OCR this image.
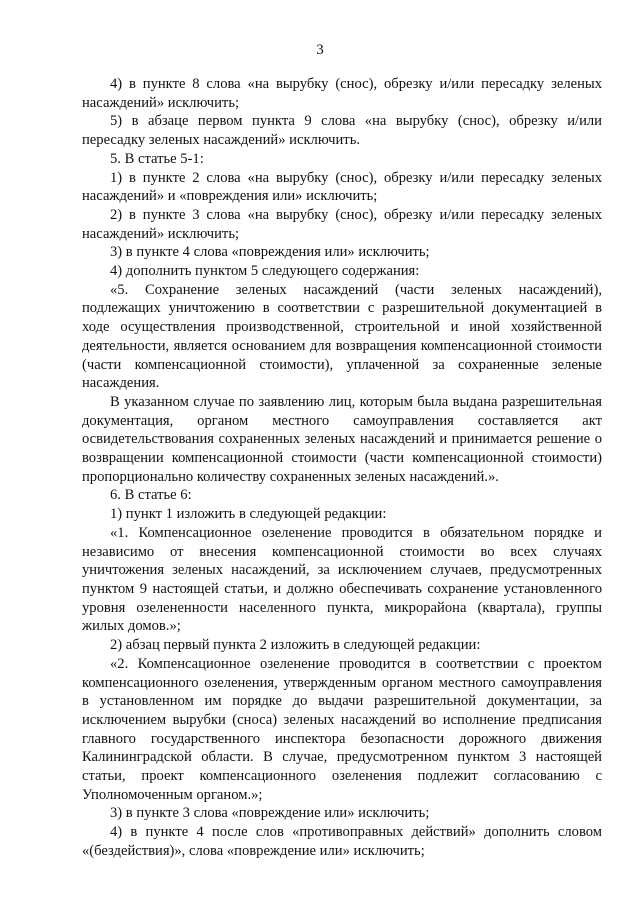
3

4) в пункте 8 слова «на вырубку (снос), обрезку и/или пересадку зеленых насаждений» исключить;

5) в абзаце первом пункта 9 слова «на вырубку (снос), обрезку и/или пересадку зеленых насаждений» исключить.

5. В статье 5-1:

1) в пункте 2 слова «на вырубку (снос), обрезку и/или пересадку зеленых насаждений» и «повреждения или» исключить;

2) в пункте 3 слова «на вырубку (снос), обрезку и/или пересадку зеленых насаждений» исключить;

3) в пункте 4 слова «повреждения или» исключить;

4) дополнить пунктом 5 следующего содержания:

«5. Сохранение зеленых насаждений (части зеленых насаждений), подлежащих уничтожению в соответствии с разрешительной документацией в ходе осуществления производственной, строительной и иной хозяйственной деятельности, является основанием для возвращения компенсационной стоимости (части компенсационной стоимости), уплаченной за сохраненные зеленые насаждения.

В указанном случае по заявлению лиц, которым была выдана разрешительная документация, органом местного самоуправления составляется акт освидетельствования сохраненных зеленых насаждений и принимается решение о возвращении компенсационной стоимости (части компенсационной стоимости) пропорционально количеству сохраненных зеленых насаждений.».

6. В статье 6:

1) пункт 1 изложить в следующей редакции:

«1. Компенсационное озеленение проводится в обязательном порядке и независимо от внесения компенсационной стоимости во всех случаях уничтожения зеленых насаждений, за исключением случаев, предусмотренных пунктом 9 настоящей статьи, и должно обеспечивать сохранение установленного уровня озелененности населенного пункта, микрорайона (квартала), группы жилых домов.»;

2) абзац первый пункта 2 изложить в следующей редакции:

«2. Компенсационное озеленение проводится в соответствии с проектом компенсационного озеленения, утвержденным органом местного самоуправления в установленном им порядке до выдачи разрешительной документации, за исключением вырубки (сноса) зеленых насаждений во исполнение предписания главного государственного инспектора безопасности дорожного движения Калининградской области. В случае, предусмотренном пунктом 3 настоящей статьи, проект компенсационного озеленения подлежит согласованию с Уполномоченным органом.»;

3) в пункте 3 слова «повреждение или» исключить;

4) в пункте 4 после слов «противоправных действий» дополнить словом «(бездействия)», слова «повреждение или» исключить;
